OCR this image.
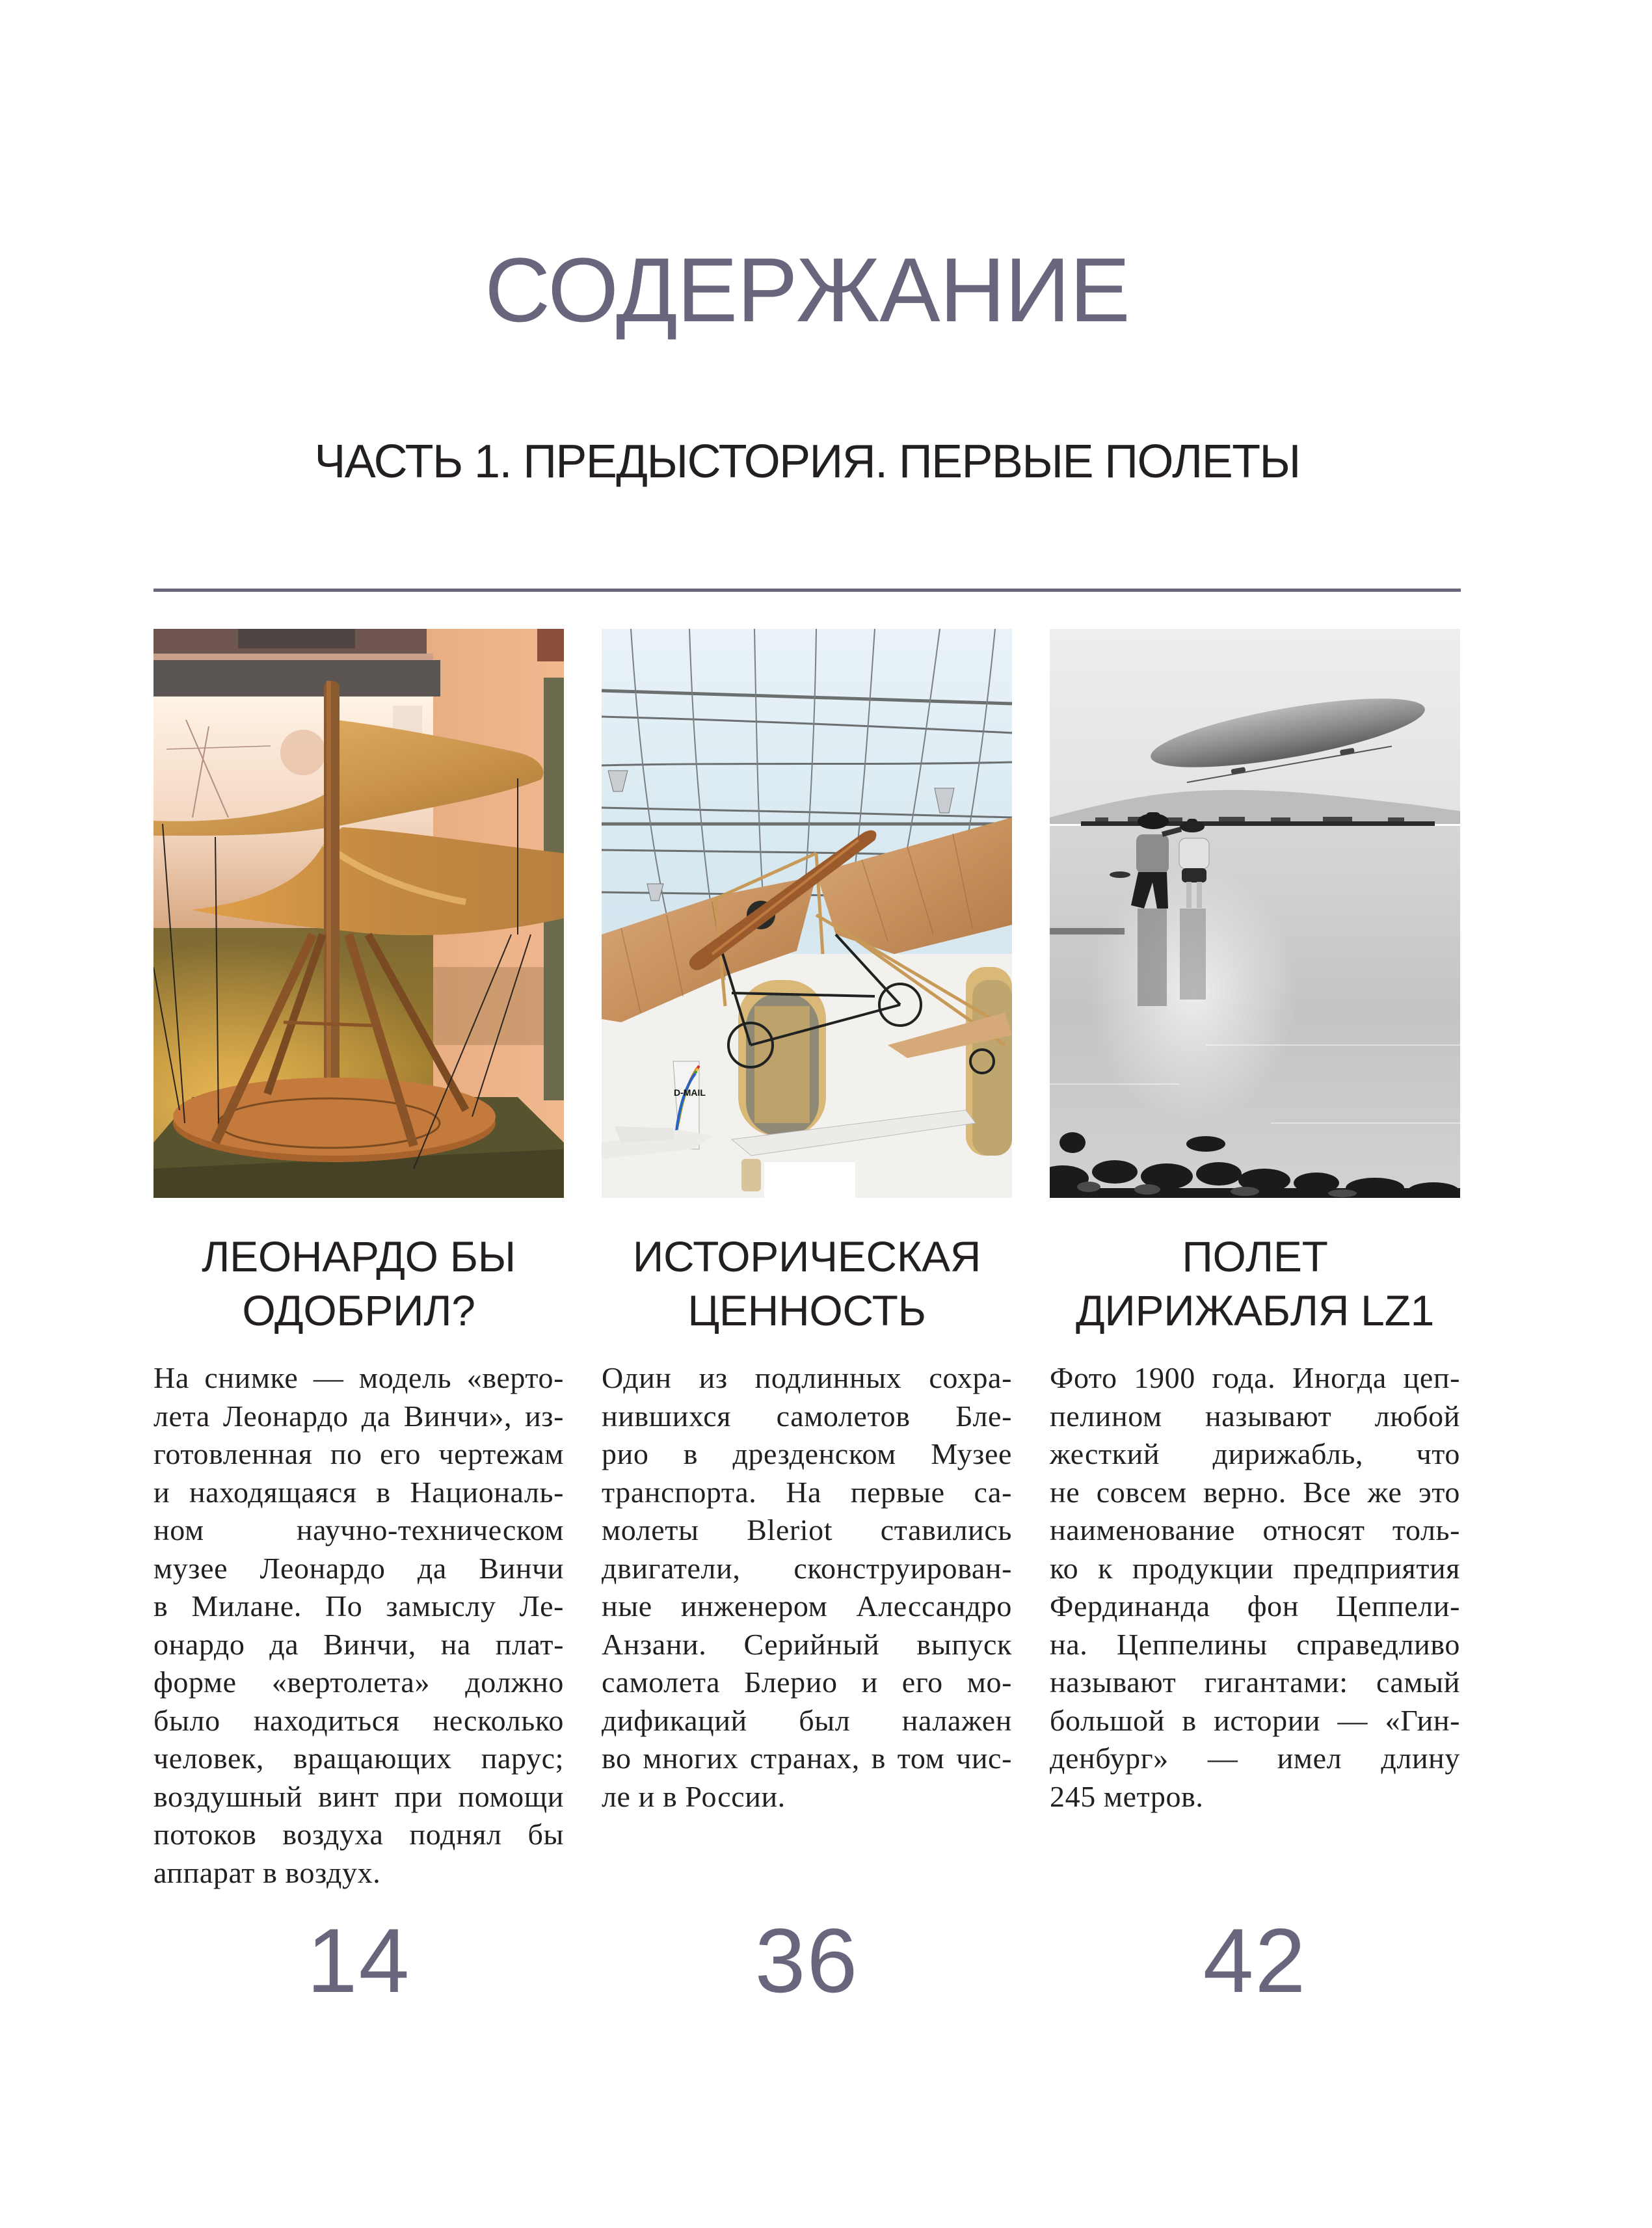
СОДЕРЖАНИЕ
ЧАСТЬ 1. ПРЕДЫСТОРИЯ. ПЕРВЫЕ ПОЛЕТЫ
ЛЕОНАРДО БЫ
ОДОБРИЛ?
На снимке — модель «верто-
лета Леонардо да Винчи», из-
готовленная по его чертежам
и находящаяся в Националь-
ном научно-техническом
музее Леонардо да Винчи
в Милане. По замыслу Ле-
онардо да Винчи, на плат-
форме «вертолета» должно
было находиться несколько
человек, вращающих парус;
воздушный винт при помощи
потоков воздуха поднял бы
аппарат в воздух.
14
D-MAIL
ИСТОРИЧЕСКАЯ
ЦЕННОСТЬ
Один из подлинных сохра-
нившихся самолетов Бле-
рио в дрезденском Музее
транспорта. На первые са-
молеты Bleriot ставились
двигатели, сконструирован-
ные инженером Алессандро
Анзани. Серийный выпуск
самолета Блерио и его мо-
дификаций был налажен
во многих странах, в том чис-
ле и в России.
36
ПОЛЕТ
ДИРИЖАБЛЯ LZ1
Фото 1900 года. Иногда цеп-
пелином называют любой
жесткий дирижабль, что
не совсем верно. Все же это
наименование относят толь-
ко к продукции предприятия
Фердинанда фон Цеппели-
на. Цеппелины справедливо
называют гигантами: самый
большой в истории — «Гин-
денбург» — имел длину
245 метров.
42
